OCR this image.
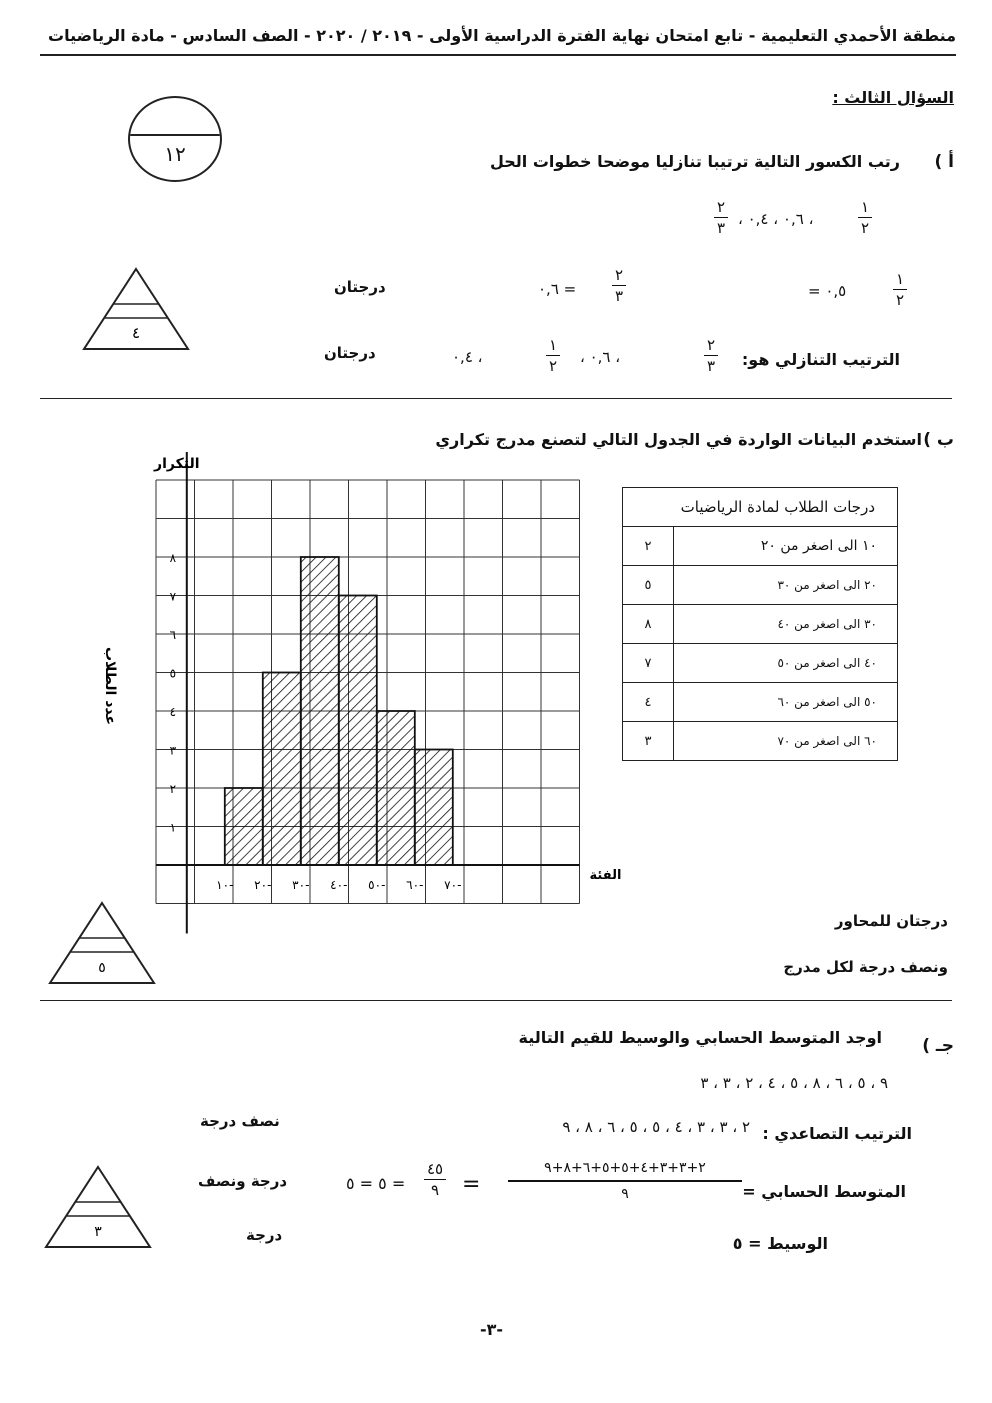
منطقة الأحمدي التعليمية - تابع امتحان نهاية الفترة الدراسية الأولى - ٢٠١٩ / ٢٠٢٠ - الصف السادس - مادة الرياضيات
السؤال الثالث :
١٢	أ )
رتب الكسور التالية ترتيبا تنازليا موضحا خطوات الحل
١
٢
، ٠,٦ ، ٠,٤ ،
٢
٣
١
٢
٠,٥ =
٢
٣
= ٠,٦
درجتان
الترتيب التنازلي هو:
٢
٣
، ٠,٦ ،
١
٢
، ٠,٤
درجتان
٤
ب )
استخدم البيانات الواردة في الجدول التالي لتصنع مدرج تكراري
درجات الطلاب لمادة الرياضيات	
١٠ الى اصغر من ٢٠	٢
٢٠ الى اصغر من ٣٠	٥
٣٠ الى اصغر من ٤٠	٨
٤٠ الى اصغر من ٥٠	٧
٥٠ الى اصغر من ٦٠	٤
٦٠ الى اصغر من ٧٠	٣
١
٢
٣
٤
٥
٦
٧
٨
١٠- ٢٠- ٣٠- ٤٠- ٥٠- ٦٠- ٧٠-
عدد الطلاب
التكرار
الفئة
درجتان للمحاور
ونصف درجة لكل مدرج
٥
جـ )
اوجد المتوسط الحسابي والوسيط للقيم التالية
٩ ، ٥ ، ٦ ، ٨ ، ٥ ، ٤ ، ٢ ، ٣ ، ٣
الترتيب التصاعدي :
٢ ، ٣ ، ٣ ، ٤ ، ٥ ، ٥ ، ٦ ، ٨ ، ٩
نصف درجة
المتوسط الحسابي =
٢+٣+٣+٤+٥+٥+٦+٨+٩
٩
=
٤٥
٩
= ٥ = ٥
درجة ونصف
الوسيط = ٥
درجة
٣
-٣-
